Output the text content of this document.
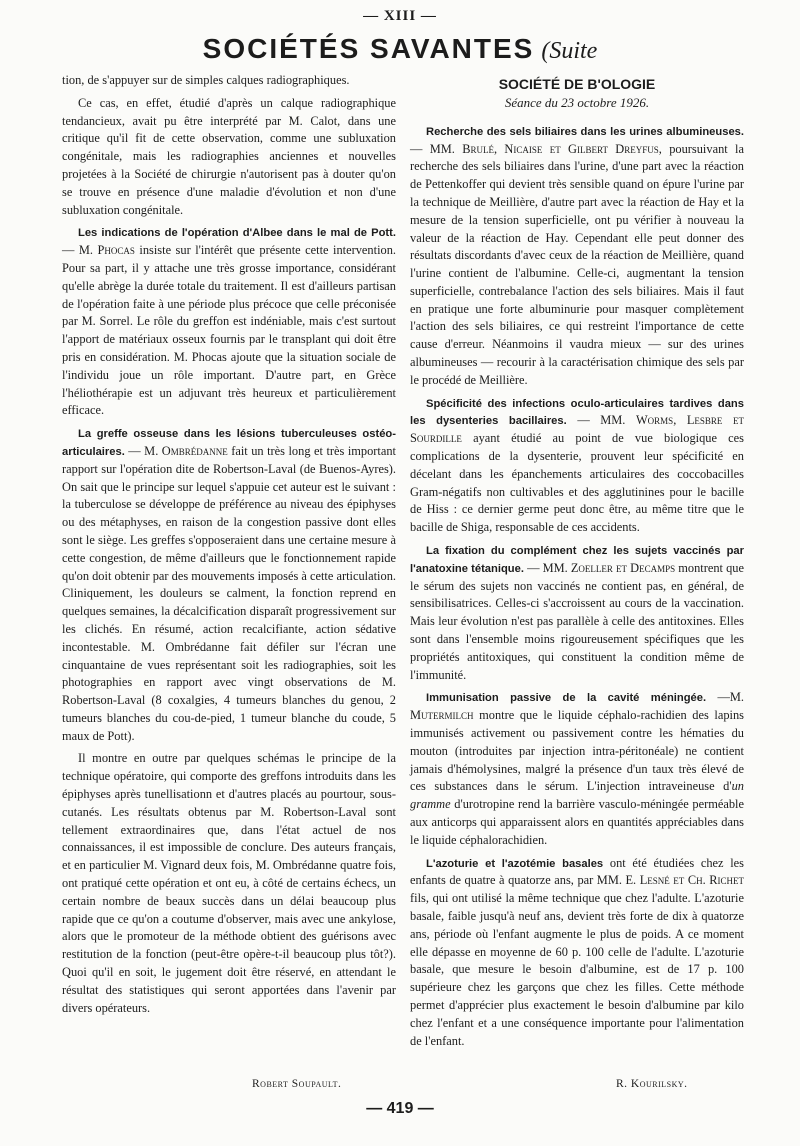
— XIII —
SOCIÉTÉS SAVANTES (Suite

tion, de s'appuyer sur de simples calques radiographiques.

Ce cas, en effet, étudié d'après un calque radiographique tendancieux, avait pu être interprété par M. Calot, dans une critique qu'il fit de cette observation, comme une subluxation congénitale, mais les radiographies anciennes et nouvelles projetées à la Société de chirurgie n'autorisent pas à douter qu'on se trouve en présence d'une maladie d'évolution et non d'une subluxation congénitale.

Les indications de l'opération d'Albee dans le mal de Pott. — M. Phocas insiste sur l'intérêt que présente cette intervention. Pour sa part, il y attache une très grosse importance, considérant qu'elle abrège la durée totale du traitement. Il est d'ailleurs partisan de l'opération faite à une période plus précoce que celle préconisée par M. Sorrel. Le rôle du greffon est indéniable, mais c'est surtout l'apport de matériaux osseux fournis par le transplant qui doit être pris en considération. M. Phocas ajoute que la situation sociale de l'individu joue un rôle important. D'autre part, en Grèce l'héliothérapie est un adjuvant très heureux et particulièrement efficace.

La greffe osseuse dans les lésions tuberculeuses ostéo-articulaires. — M. Ombrédanne fait un très long et très important rapport sur l'opération dite de Robertson-Laval (de Buenos-Ayres). On sait que le principe sur lequel s'appuie cet auteur est le suivant : la tuberculose se développe de préférence au niveau des épiphyses ou des métaphyses, en raison de la congestion passive dont elles sont le siège. Les greffes s'opposeraient dans une certaine mesure à cette congestion, de même d'ailleurs que le fonctionnement rapide qu'on doit obtenir par des mouvements imposés à cette articulation. Cliniquement, les douleurs se calment, la fonction reprend en quelques semaines, la décalcification disparaît progressivement sur les clichés. En résumé, action recalcifiante, action sédative incontestable. M. Ombrédanne fait défiler sur l'écran une cinquantaine de vues représentant soit les radiographies, soit les photographies en rapport avec vingt observations de M. Robertson-Laval (8 coxalgies, 4 tumeurs blanches du genou, 2 tumeurs blanches du cou-de-pied, 1 tumeur blanche du coude, 5 maux de Pott).

Il montre en outre par quelques schémas le principe de la technique opératoire, qui comporte des greffons introduits dans les épiphyses après tunellisationn et d'autres placés au pourtour, sous-cutanés. Les résultats obtenus par M. Robertson-Laval sont tellement extraordinaires que, dans l'état actuel de nos connaissances, il est impossible de conclure. Des auteurs français, et en particulier M. Vignard deux fois, M. Ombrédanne quatre fois, ont pratiqué cette opération et ont eu, à côté de certains échecs, un certain nombre de beaux succès dans un délai beaucoup plus rapide que ce qu'on a coutume d'observer, mais avec une ankylose, alors que le promoteur de la méthode obtient des guérisons avec restitution de la fonction (peut-être opère-t-il beaucoup plus tôt?). Quoi qu'il en soit, le jugement doit être réservé, en attendant le résultat des statistiques qui seront apportées dans l'avenir par divers opérateurs.

SOCIÉTÉ DE B'OLOGIE
Séance du 23 octobre 1926.

Recherche des sels biliaires dans les urines albumineuses. — MM. Brulé, Nicaise et Gilbert Dreyfus, poursuivant la recherche des sels biliaires dans l'urine, d'une part avec la réaction de Pettenkoffer qui devient très sensible quand on épure l'urine par la technique de Meillière, d'autre part avec la réaction de Hay et la mesure de la tension superficielle, ont pu vérifier à nouveau la valeur de la réaction de Hay. Cependant elle peut donner des résultats discordants d'avec ceux de la réaction de Meillière, quand l'urine contient de l'albumine. Celle-ci, augmentant la tension superficielle, contrebalance l'action des sels biliaires. Mais il faut en pratique une forte albuminurie pour masquer complètement l'action des sels biliaires, ce qui restreint l'importance de cette cause d'erreur. Néanmoins il vaudra mieux — sur des urines albumineuses — recourir à la caractérisation chimique des sels par le procédé de Meillière.

Spécificité des infections oculo-articulaires tardives dans les dysenteries bacillaires. — MM. Worms, Lesbre et Sourdille ayant étudié au point de vue biologique ces complications de la dysenterie, prouvent leur spécificité en décelant dans les épanchements articulaires des coccobacilles Gram-négatifs non cultivables et des agglutinines pour le bacille de Hiss : ce dernier germe peut donc être, au même titre que le bacille de Shiga, responsable de ces accidents.

La fixation du complément chez les sujets vaccinés par l'anatoxine tétanique. — MM. Zoeller et Decamps montrent que le sérum des sujets non vaccinés ne contient pas, en général, de sensibilisatrices. Celles-ci s'accroissent au cours de la vaccination. Mais leur évolution n'est pas parallèle à celle des antitoxines. Elles sont dans l'ensemble moins rigoureusement spécifiques que les propriétés antitoxiques, qui constituent la condition même de l'immunité.

Immunisation passive de la cavité méningée. —M. Mutermilch montre que le liquide céphalo-rachidien des lapins immunisés activement ou passivement contre les hématies du mouton (introduites par injection intra-péritonéale) ne contient jamais d'hémolysines, malgré la présence d'un taux très élevé de ces substances dans le sérum. L'injection intraveineuse d'un gramme d'urotropine rend la barrière vasculo-méningée perméable aux anticorps qui apparaissent alors en quantités appréciables dans le liquide céphalorachidien.

L'azoturie et l'azotémie basales ont été étudiées chez les enfants de quatre à quatorze ans, par MM. E. Lesné et Ch. Richet fils, qui ont utilisé la même technique que chez l'adulte. L'azoturie basale, faible jusqu'à neuf ans, devient très forte de dix à quatorze ans, période où l'enfant augmente le plus de poids. A ce moment elle dépasse en moyenne de 60 p. 100 celle de l'adulte. L'azoturie basale, que mesure le besoin d'albumine, est de 17 p. 100 supérieure chez les garçons que chez les filles. Cette méthode permet d'apprécier plus exactement le besoin d'albumine par kilo chez l'enfant et a une conséquence importante pour l'alimentation de l'enfant.

Robert Soupault.	R. Kourilsky.
— 419 —
